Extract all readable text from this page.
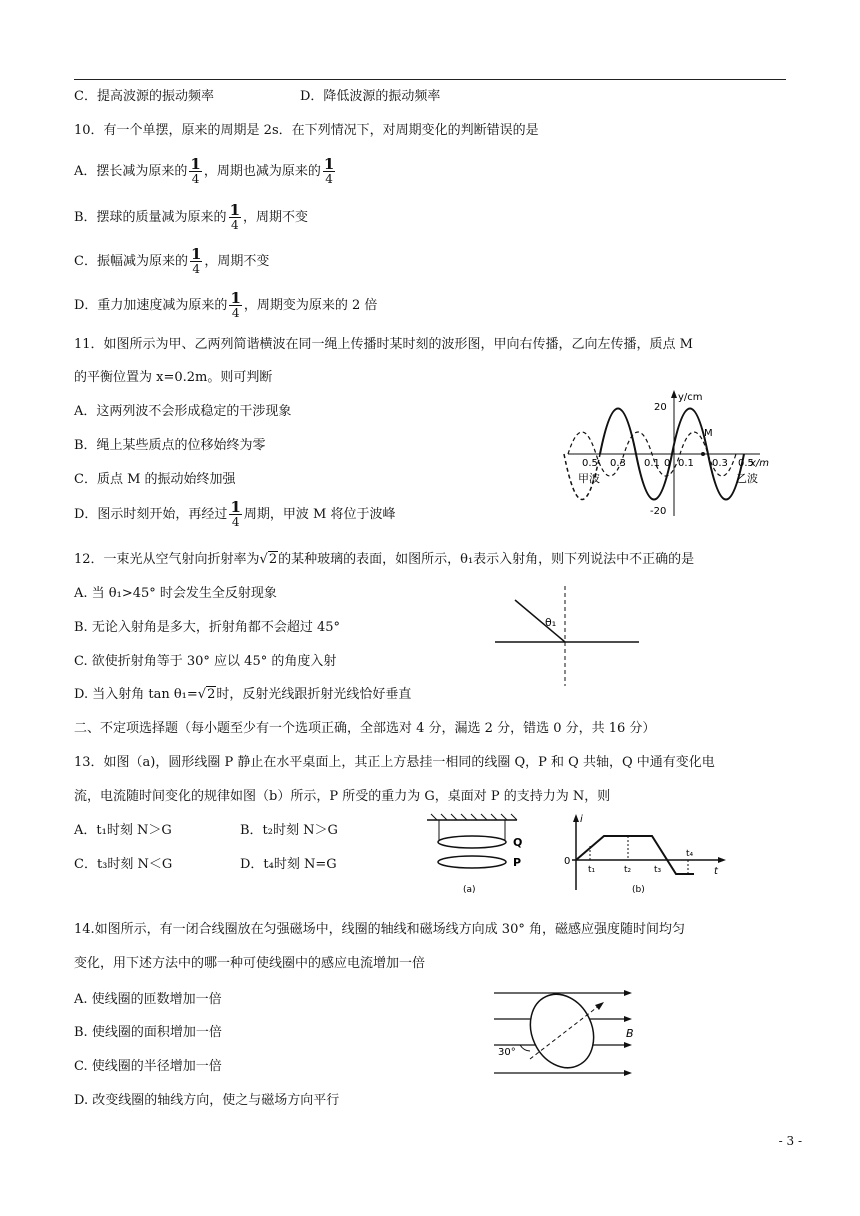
C．提高波源的振动频率	D．降低波源的振动频率
10．有一个单摆，原来的周期是 2s．在下列情况下，对周期变化的判断错误的是
A．摆长减为原来的 $\frac{1}{4}$ ，周期也减为原来的 $\frac{1}{4}$
B．摆球的质量减为原来的 $\frac{1}{4}$ ，周期不变
C．振幅减为原来的 $\frac{1}{4}$ ，周期不变
D．重力加速度减为原来的 $\frac{1}{4}$ ，周期变为原来的 2 倍
11．如图所示为甲、乙两列简谐横波在同一绳上传播时某时刻的波形图，甲向右传播，乙向左传播，质点 M
的平衡位置为 x=0.2m。则可判断
A．这两列波不会形成稳定的干涉现象
B．绳上某些质点的位移始终为零
C．质点 M 的振动始终加强
D．图示时刻开始，再经过 $\frac{1}{4}$ 周期，甲波 M 将位于波峰
0.5 0.3 0.1 0 0.1 0.3 0.5
y/cm
x/m
20
-20
M
甲波	乙波
12．一束光从空气射向折射率为√2的某种玻璃的表面，如图所示，θ₁表示入射角，则下列说法中不正确的是
A. 当 θ₁>45° 时会发生全反射现象
B. 无论入射角是多大，折射角都不会超过 45°
C. 欲使折射角等于 30° 应以 45° 的角度入射
D. 当入射角 tan θ₁=√2时，反射光线跟折射光线恰好垂直
θ₁
二、不定项选择题（每小题至少有一个选项正确，全部选对 4 分，漏选 2 分，错选 0 分，共 16 分）
13．如图（a)，圆形线圈 P 静止在水平桌面上，其正上方悬挂一相同的线圈 Q，P 和 Q 共轴，Q 中通有变化电
流，电流随时间变化的规律如图（b）所示，P 所受的重力为 G，桌面对 P 的支持力为 N，则
A．t₁时刻 N＞G	B．t₂时刻 N＞G
C．t₃时刻 N＜G	D．t₄时刻 N=G
Q
P
(a)
i
0
t₁	t₂	t₃
t₄
t
(b)
14.如图所示，有一闭合线圈放在匀强磁场中，线圈的轴线和磁场线方向成 30° 角，磁感应强度随时间均匀
变化，用下述方法中的哪一种可使线圈中的感应电流增加一倍
A. 使线圈的匝数增加一倍
B. 使线圈的面积增加一倍
C. 使线圈的半径增加一倍
D. 改变线圈的轴线方向，使之与磁场方向平行
30°
B
- 3 -
